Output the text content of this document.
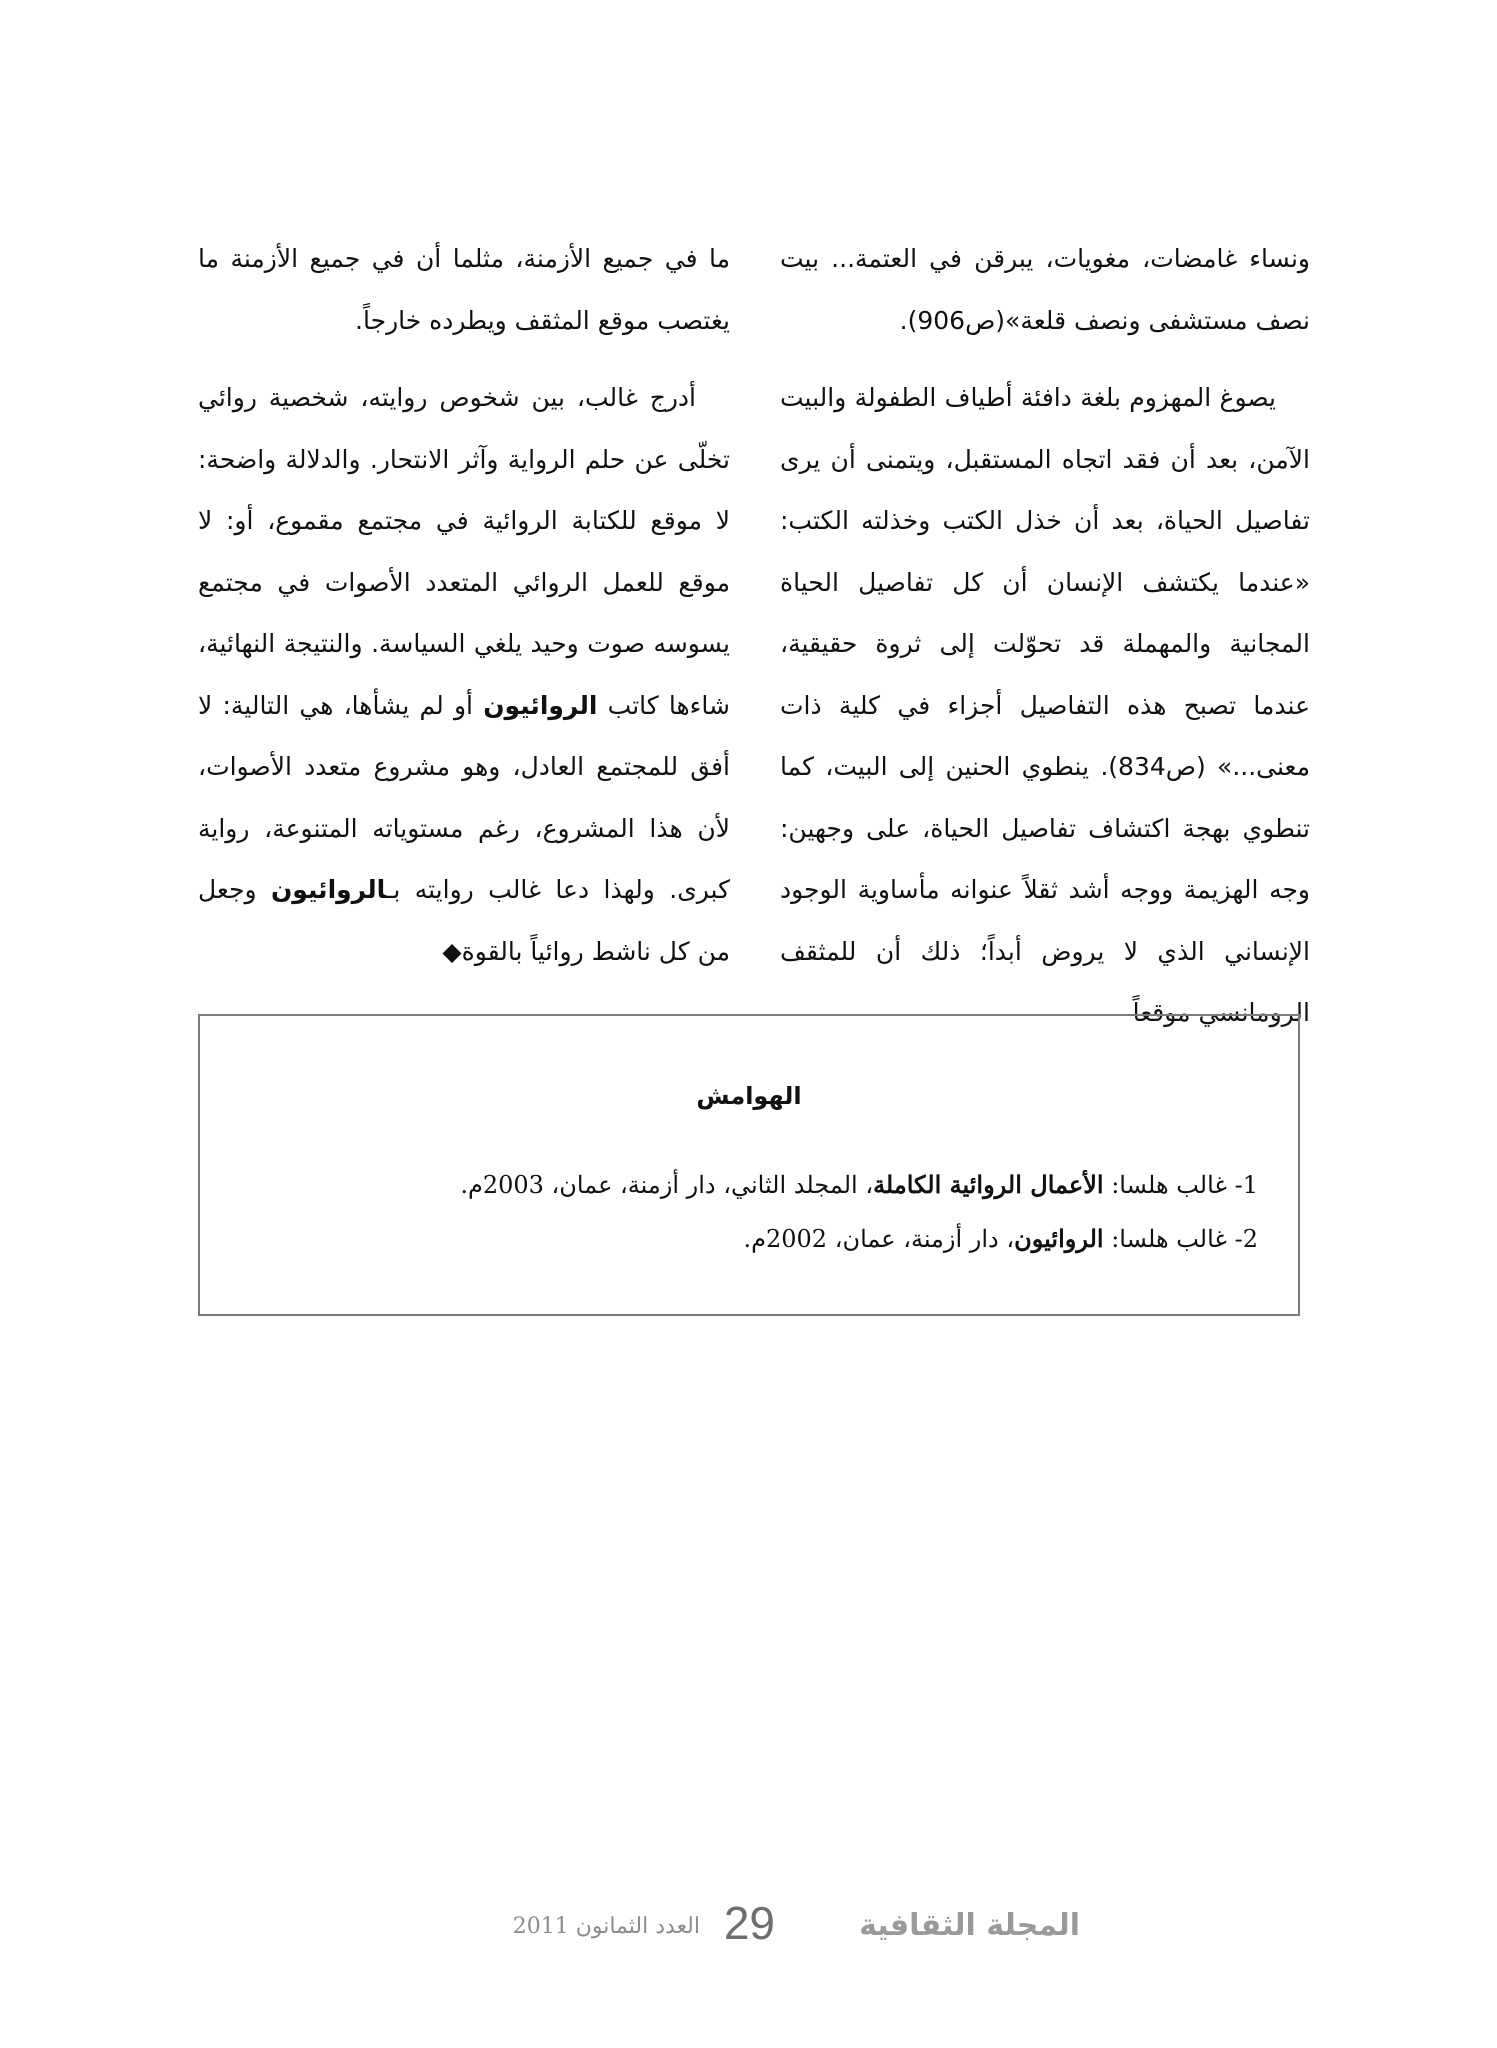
ونساء غامضات، مغويات، يبرقن في العتمة... بيت نصف مستشفى ونصف قلعة»(ص906).

يصوغ المهزوم بلغة دافئة أطياف الطفولة والبيت الآمن، بعد أن فقد اتجاه المستقبل، ويتمنى أن يرى تفاصيل الحياة، بعد أن خذل الكتب وخذلته الكتب: «عندما يكتشف الإنسان أن كل تفاصيل الحياة المجانية والمهملة قد تحوّلت إلى ثروة حقيقية، عندما تصبح هذه التفاصيل أجزاء في كلية ذات معنى...» (ص834). ينطوي الحنين إلى البيت، كما تنطوي بهجة اكتشاف تفاصيل الحياة، على وجهين: وجه الهزيمة ووجه أشد ثقلاً عنوانه مأساوية الوجود الإنساني الذي لا يروض أبداً؛ ذلك أن للمثقف الرومانسي موقعاً

ما في جميع الأزمنة، مثلما أن في جميع الأزمنة ما يغتصب موقع المثقف ويطرده خارجاً.

أدرج غالب، بين شخوص روايته، شخصية روائي تخلّى عن حلم الرواية وآثر الانتحار. والدلالة واضحة: لا موقع للكتابة الروائية في مجتمع مقموع، أو: لا موقع للعمل الروائي المتعدد الأصوات في مجتمع يسوسه صوت وحيد يلغي السياسة. والنتيجة النهائية، شاءها كاتب الروائيون أو لم يشأها، هي التالية: لا أفق للمجتمع العادل، وهو مشروع متعدد الأصوات، لأن هذا المشروع، رغم مستوياته المتنوعة، رواية كبرى. ولهذا دعا غالب روايته بـالروائيون وجعل من كل ناشط روائياً بالقوة◆

الهوامش
1- غالب هلسا: الأعمال الروائية الكاملة، المجلد الثاني، دار أزمنة، عمان، 2003م.
2- غالب هلسا: الروائيون، دار أزمنة، عمان، 2002م.
المجلة الثقافية
29
العدد الثمانون 2011
